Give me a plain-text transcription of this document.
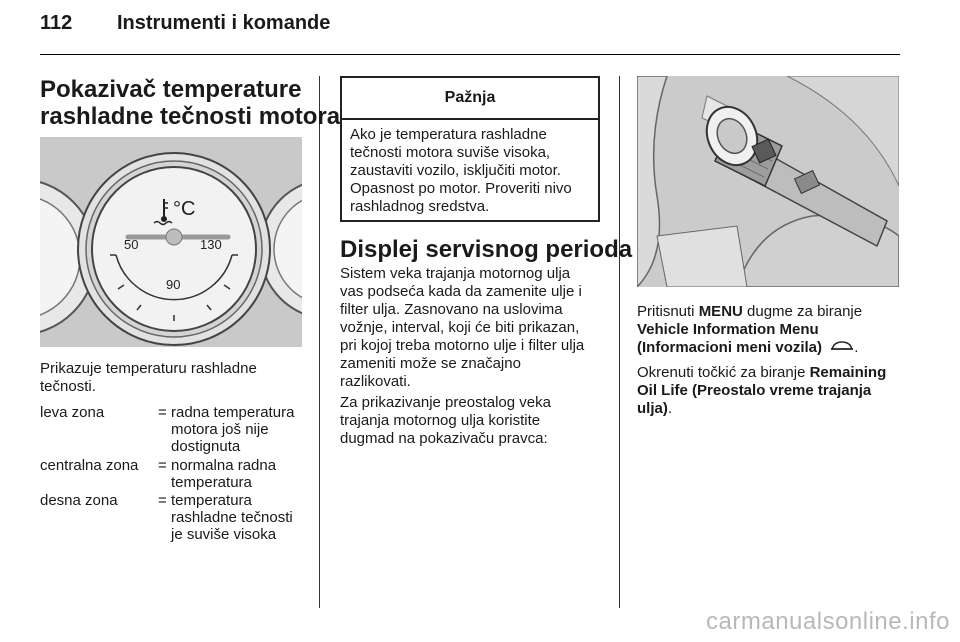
112 Instrumenti i komande
Pokazivač temperature
rashladne tečnosti motora
°C
50	130
90
Prikazuje temperaturu rashladne
tečnosti.
leva zona	= radna temperatura
motora još nije
dostignuta
centralna zona = normalna radna
temperatura
desna zona	= temperatura
rashladne tečnosti
je suviše visoka
Pažnja
Ako je temperatura rashladne
tečnosti motora suviše visoka,
zaustaviti vozilo, isključiti motor.
Opasnost po motor. Proveriti nivo
rashladnog sredstva.
Displej servisnog perioda
Sistem veka trajanja motornog ulja
vas podseća kada da zamenite ulje i
filter ulja. Zasnovano na uslovima
vožnje, interval, koji će biti prikazan,
pri kojoj treba motorno ulje i filter ulja
zameniti može se značajno
razlikovati.
Za prikazivanje preostalog veka
trajanja motornog ulja koristite
dugmad na pokazivaču pravca:
Pritisnuti MENU dugme za biranje
Vehicle Information Menu
(Informacioni meni vozila) .
Okrenuti točkić za biranje Remaining
Oil Life (Preostalo vreme trajanja
ulja).
carmanualsonline.info
